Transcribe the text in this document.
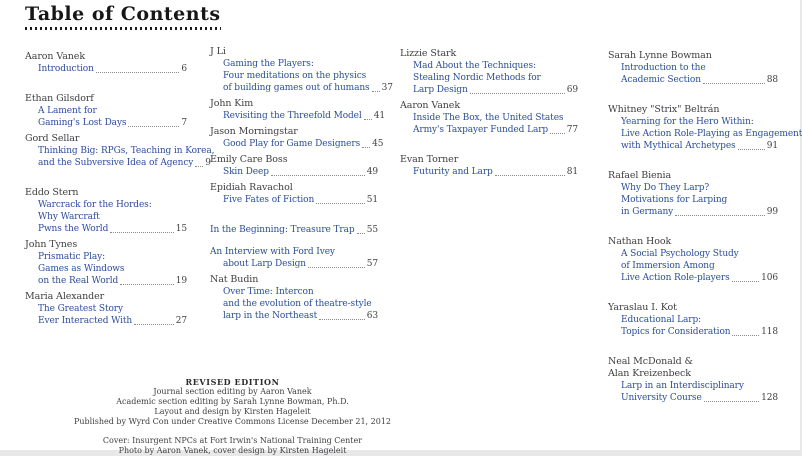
Table of Contents
Aaron Vanek
Introduction	6
Ethan Gilsdorf
A Lament for
Gaming's Lost Days	7
Gord Sellar
Thinking Big: RPGs, Teaching in Korea,
and the Subversive Idea of Agency 9
Eddo Stern
Warcrack for the Hordes:
Why Warcraft
Pwns the World	15
John Tynes
Prismatic Play:
Games as Windows
on the Real World	19
Maria Alexander
The Greatest Story
Ever Interacted With	27
J Li
Gaming the Players:
Four meditations on the physics
of building games out of humans 37
John Kim
Revisiting the Threefold Model 41
Jason Morningstar
Good Play for Game Designers 45
Emily Care Boss
Skin Deep	49
Epidiah Ravachol
Five Fates of Fiction	51
In the Beginning: Treasure Trap 55
An Interview with Ford Ivey
about Larp Design	57
Nat Budin
Over Time: Intercon
and the evolution of theatre-style
larp in the Northeast	63
Lizzie Stark
Mad About the Techniques:
Stealing Nordic Methods for
Larp Design	69
Aaron Vanek
Inside The Box, the United States
Army's Taxpayer Funded Larp 77
Evan Torner
Futurity and Larp	81
Sarah Lynne Bowman
Introduction to the
Academic Section	88
Whitney "Strix" Beltrán
Yearning for the Hero Within:
Live Action Role-Playing as Engagement
with Mythical Archetypes	91
Rafael Bienia
Why Do They Larp?
Motivations for Larping
in Germany	99
Nathan Hook
A Social Psychology Study
of Immersion Among
Live Action Role-players	106
Yaraslau I. Kot
Educational Larp:
Topics for Consideration	118
Neal McDonald &
Alan Kreizenbeck
Larp in an Interdisciplinary
University Course	128
REVISED EDITION
Journal section editing by Aaron Vanek
Academic section editing by Sarah Lynne Bowman, Ph.D.
Layout and design by Kirsten Hageleit
Published by Wyrd Con under Creative Commons License December 21, 2012
Cover: Insurgent NPCs at Fort Irwin's National Training Center
Photo by Aaron Vanek, cover design by Kirsten Hageleit
